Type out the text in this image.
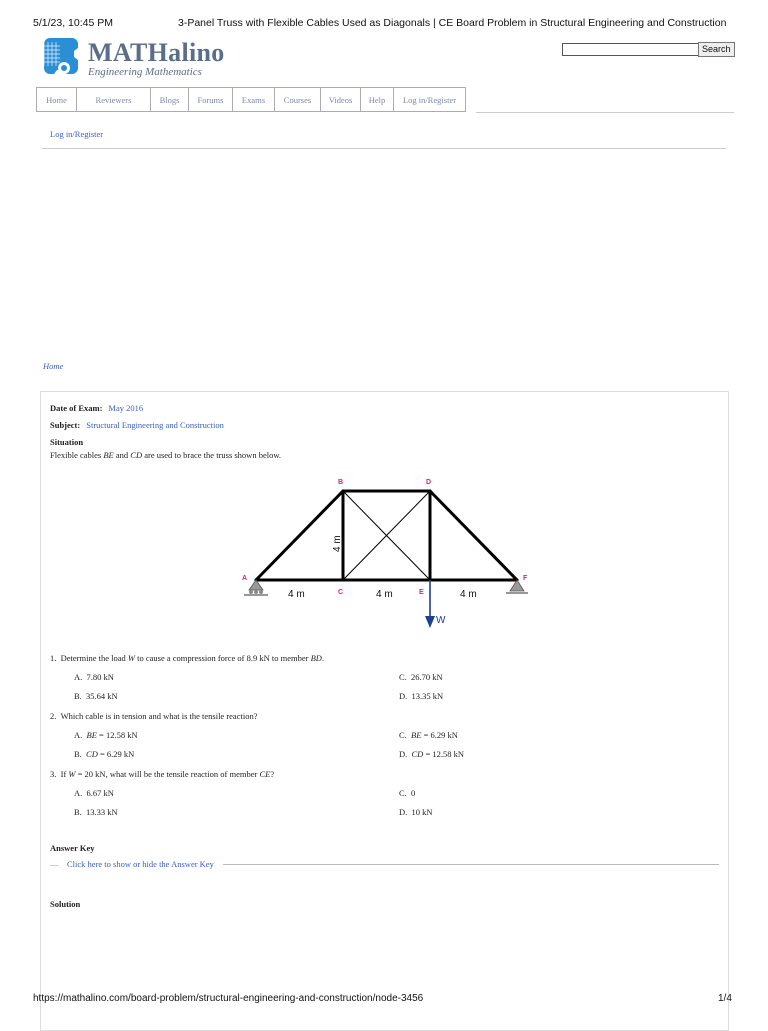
5/1/23, 10:45 PM	3-Panel Truss with Flexible Cables Used as Diagonals | CE Board Problem in Structural Engineering and Construction
MATHalino
Engineering Mathematics
Search
Home	Reviewers	Blogs	Forums	Exams	Courses	Videos	Help	Log in/Register
Log in/Register
Home
Date of Exam: May 2016
Subject: Structural Engineering and Construction
Situation
Flexible cables BE and CD are used to brace the truss shown below.
B	D
A
C	E
F
4 m	4 m	4 m
4 m
W
1. Determine the load W to cause a compression force of 8.9 kN to member BD.
A. 7.80 kN	C. 26.70 kN
B. 35.64 kN	D. 13.35 kN
2. Which cable is in tension and what is the tensile reaction?
A. BE = 12.58 kN	C. BE = 6.29 kN
B. CD = 6.29 kN	D. CD = 12.58 kN
3. If W = 20 kN, what will be the tensile reaction of member CE?
A. 6.67 kN	C. 0
B. 13.33 kN	D. 10 kN
Answer Key
— Click here to show or hide the Answer Key
Solution
https://mathalino.com/board-problem/structural-engineering-and-construction/node-3456	1/4
